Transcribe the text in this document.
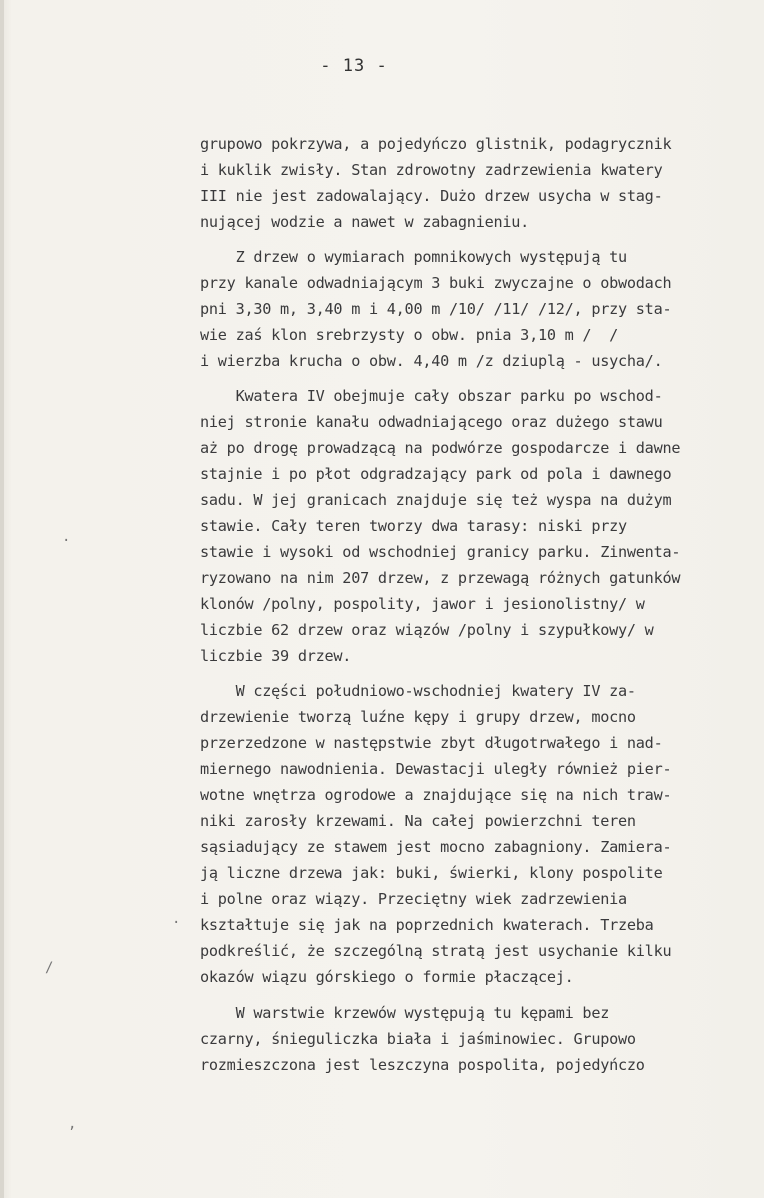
- 13 -
grupowo pokrzywa, a pojedyńczo glistnik, podagrycznik
i kuklik zwisły. Stan zdrowotny zadrzewienia kwatery
III nie jest zadowalający. Dużo drzew usycha w stag-
nującej wodzie a nawet w zabagnieniu.
Z drzew o wymiarach pomnikowych występują tu
przy kanale odwadniającym 3 buki zwyczajne o obwodach
pni 3,30 m, 3,40 m i 4,00 m /10/ /11/ /12/, przy sta-
wie zaś klon srebrzysty o obw. pnia 3,10 m /  /
i wierzba krucha o obw. 4,40 m /z dziuplą - usycha/.
Kwatera IV obejmuje cały obszar parku po wschod-
niej stronie kanału odwadniającego oraz dużego stawu
aż po drogę prowadzącą na podwórze gospodarcze i dawne
stajnie i po płot odgradzający park od pola i dawnego
sadu. W jej granicach znajduje się też wyspa na dużym
stawie. Cały teren tworzy dwa tarasy: niski przy
stawie i wysoki od wschodniej granicy parku. Zinwenta-
ryzowano na nim 207 drzew, z przewagą różnych gatunków
klonów /polny, pospolity, jawor i jesionolistny/ w
liczbie 62 drzew oraz wiązów /polny i szypułkowy/ w
liczbie 39 drzew.
W części południowo-wschodniej kwatery IV za-
drzewienie tworzą luźne kępy i grupy drzew, mocno
przerzedzone w następstwie zbyt długotrwałego i nad-
miernego nawodnienia. Dewastacji uległy również pier-
wotne wnętrza ogrodowe a znajdujące się na nich traw-
niki zarosły krzewami. Na całej powierzchni teren
sąsiadujący ze stawem jest mocno zabagniony. Zamiera-
ją liczne drzewa jak: buki, świerki, klony pospolite
i polne oraz wiązy. Przeciętny wiek zadrzewienia
kształtuje się jak na poprzednich kwaterach. Trzeba
podkreślić, że szczególną stratą jest usychanie kilku
okazów wiązu górskiego o formie płaczącej.
W warstwie krzewów występują tu kępami bez
czarny, śnieguliczka biała i jaśminowiec. Grupowo
rozmieszczona jest leszczyna pospolita, pojedyńczo
·
/
,
·
